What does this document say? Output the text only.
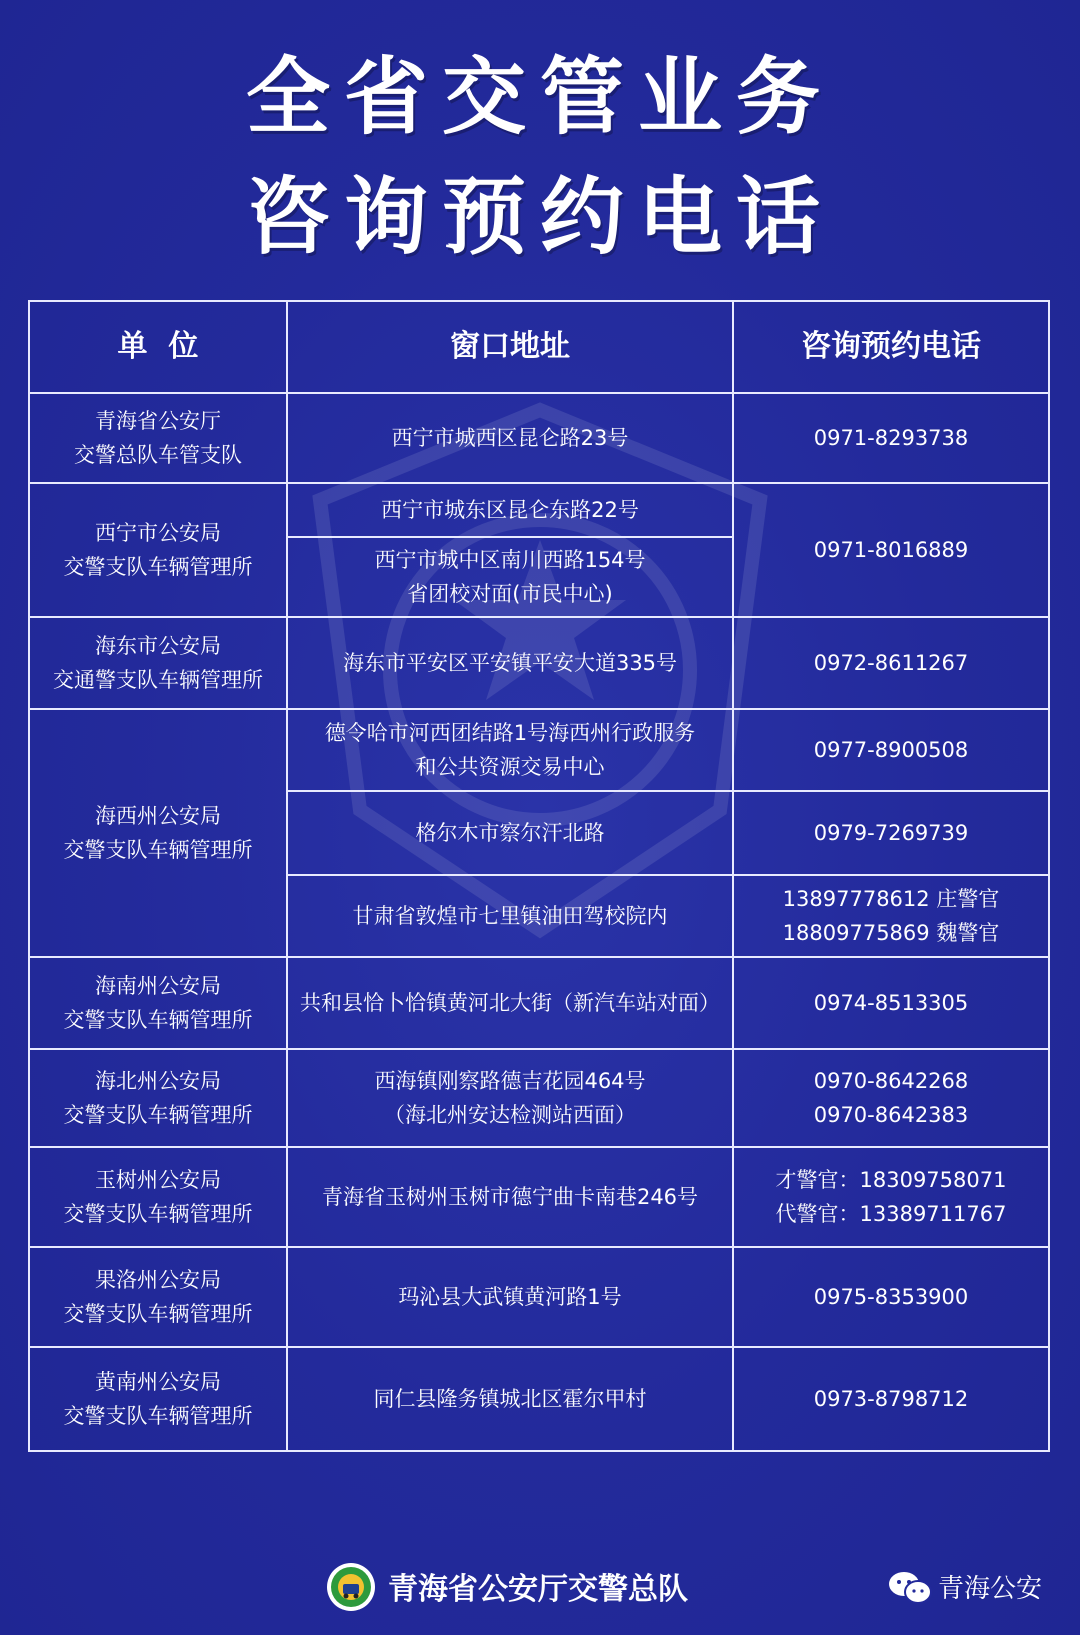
全省交管业务
咨询预约电话
单  位	窗口地址	咨询预约电话

青海省公安厅
交警总队车管支队	西宁市城西区昆仑路23号	0971-8293738

西宁市公安局
交警支队车辆管理所	西宁市城东区昆仑东路22号	0971-8016889

	西宁市城中区南川西路154号
省团校对面(市民中心)	

海东市公安局
交通警支队车辆管理所	海东市平安区平安镇平安大道335号	0972-8611267

海西州公安局
交警支队车辆管理所	德令哈市河西团结路1号海西州行政服务
和公共资源交易中心	0977-8900508

	格尔木市察尔汗北路	0979-7269739

	甘肃省敦煌市七里镇油田驾校院内	13897778612 庄警官
18809775869 魏警官

海南州公安局
交警支队车辆管理所	共和县恰卜恰镇黄河北大街（新汽车站对面）	0974-8513305

海北州公安局
交警支队车辆管理所	西海镇刚察路德吉花园464号
（海北州安达检测站西面）	0970-8642268
0970-8642383

玉树州公安局
交警支队车辆管理所	青海省玉树州玉树市德宁曲卡南巷246号	才警官：18309758071
代警官：13389711767

果洛州公安局
交警支队车辆管理所	玛沁县大武镇黄河路1号	0975-8353900

黄南州公安局
交警支队车辆管理所	同仁县隆务镇城北区霍尔甲村	0973-8798712
青海省公安厅交警总队	青海公安
